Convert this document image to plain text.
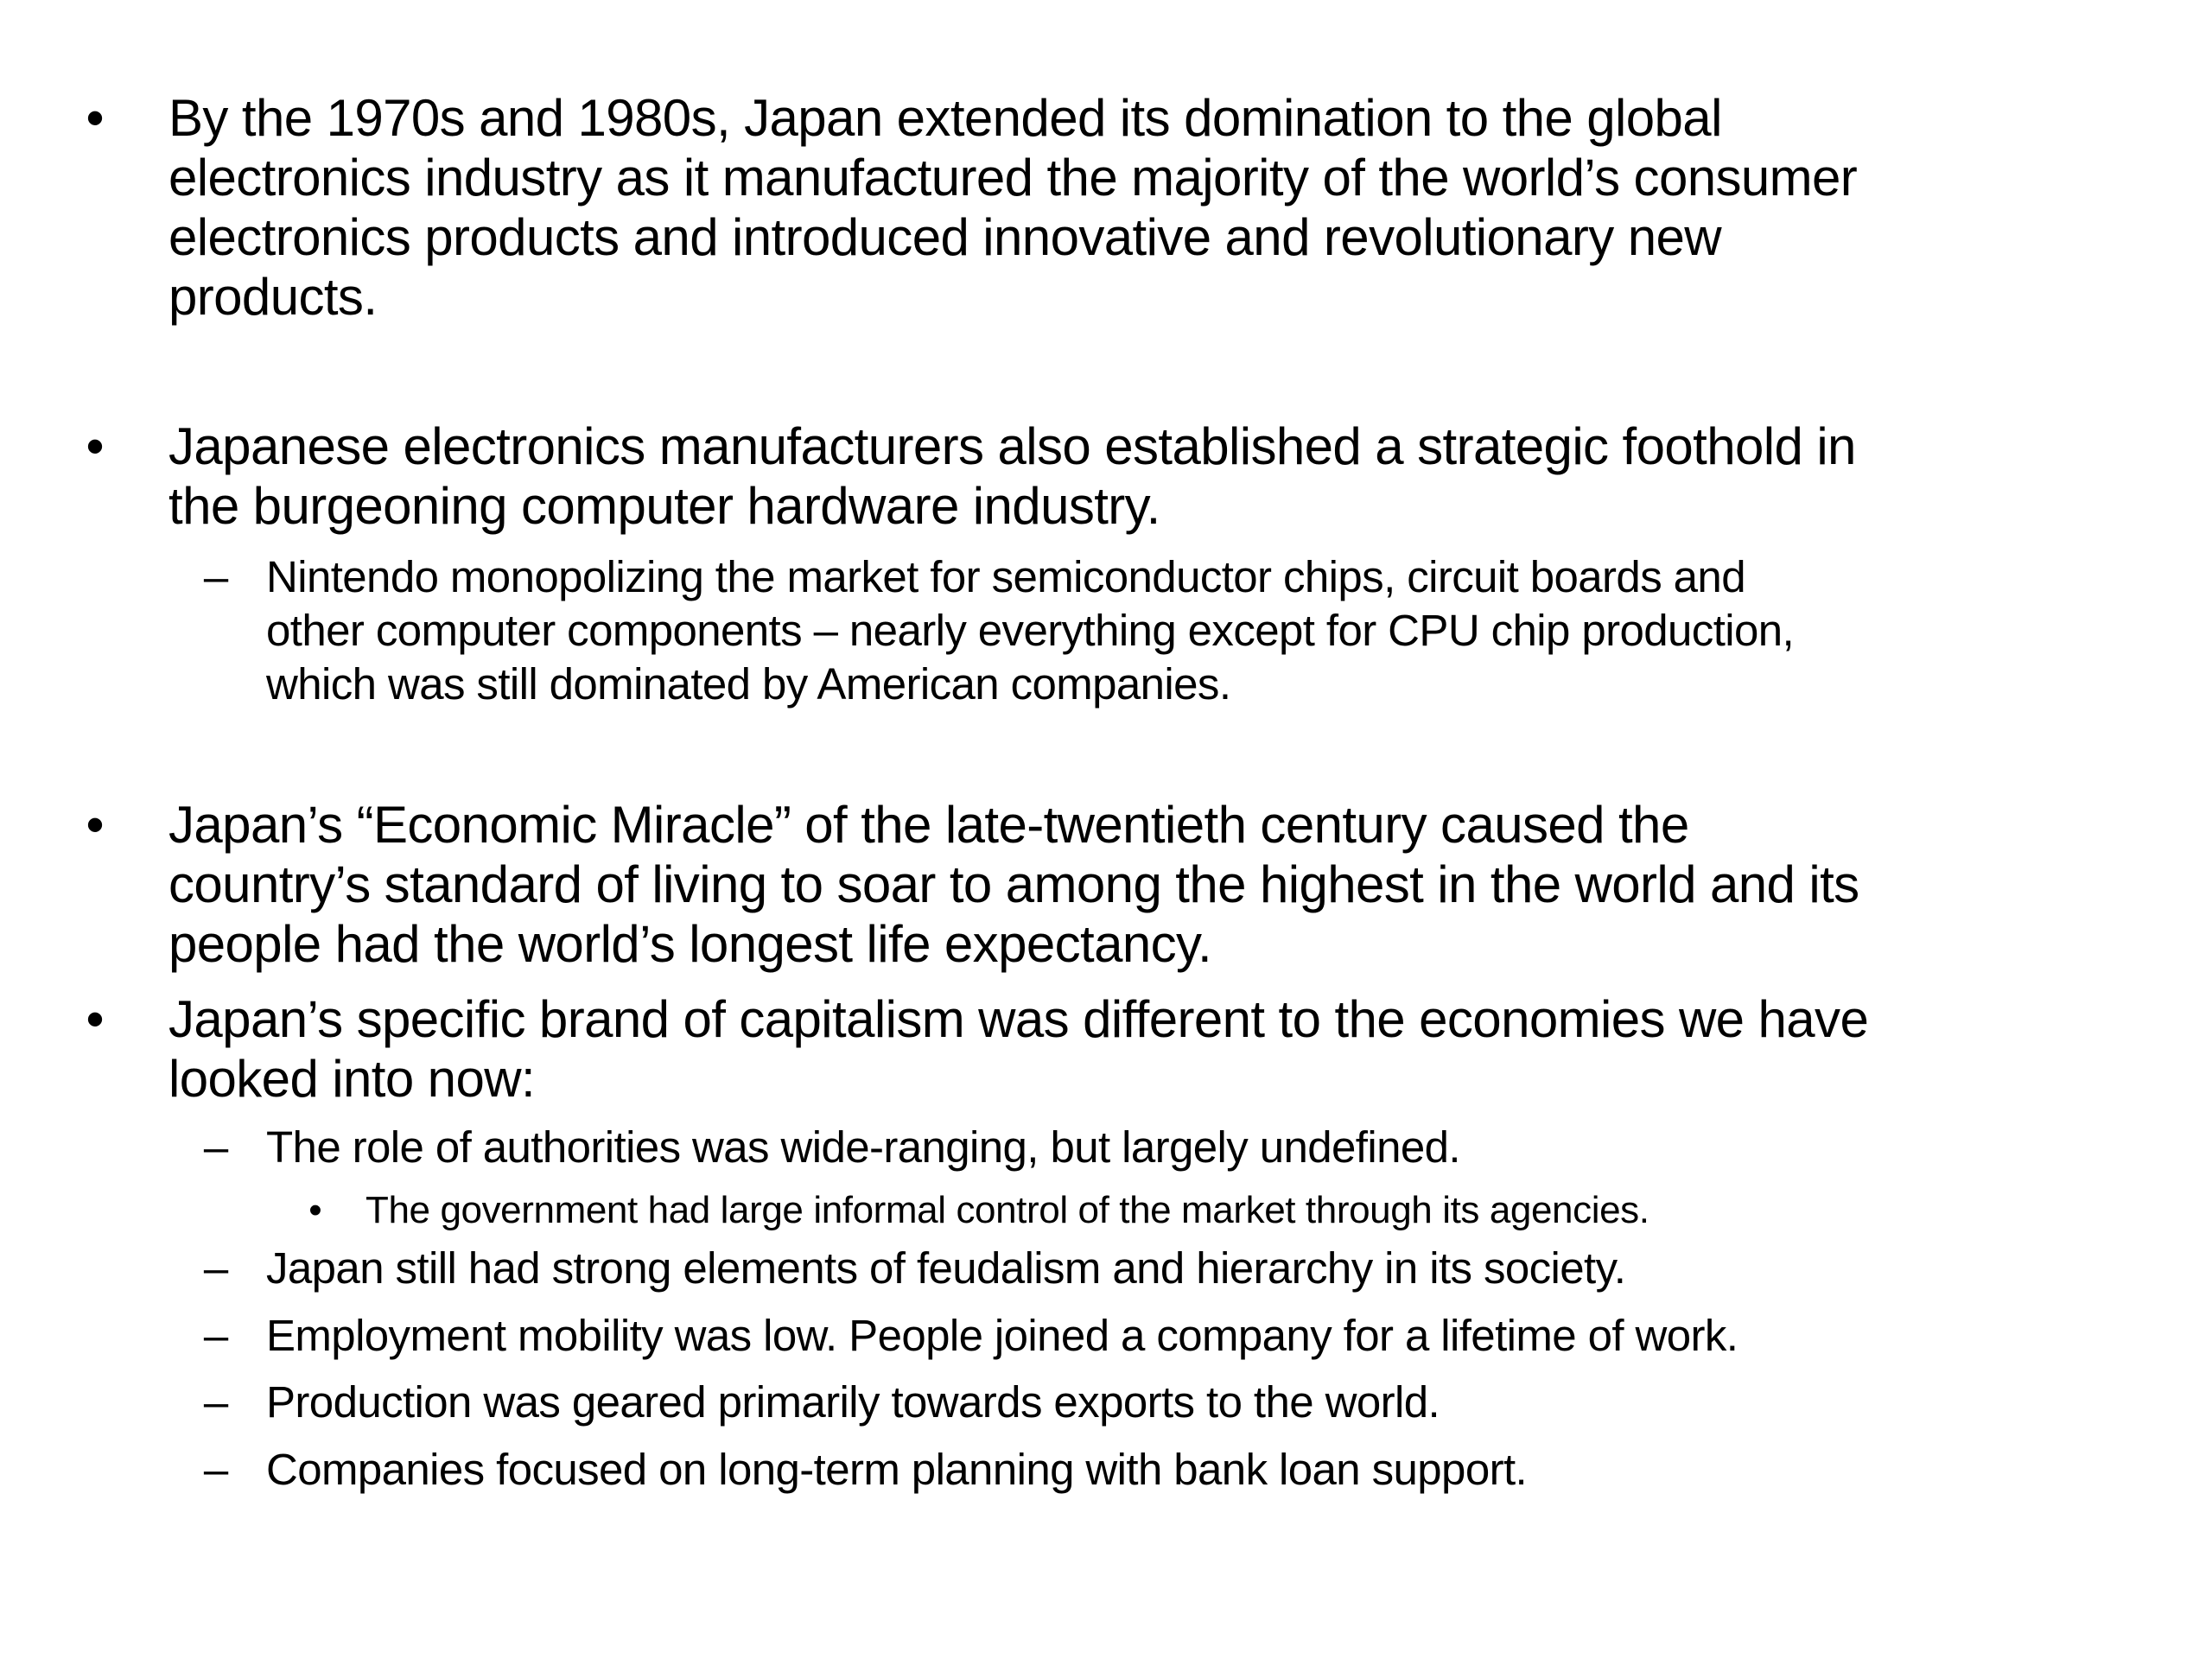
•	By the 1970s and 1980s, Japan extended its domination to the global
electronics industry as it manufactured the majority of the world’s consumer
electronics products and introduced innovative and revolutionary new
products.
•	Japanese electronics manufacturers also established a strategic foothold in
the burgeoning computer hardware industry.
– Nintendo monopolizing the market for semiconductor chips, circuit boards and
other computer components – nearly everything except for CPU chip production,
which was still dominated by American companies.
•	Japan’s “Economic Miracle” of the late-twentieth century caused the
country’s standard of living to soar to among the highest in the world and its
people had the world’s longest life expectancy.
•	Japan’s specific brand of capitalism was different to the economies we have
looked into now:
– The role of authorities was wide-ranging, but largely undefined.
• The government had large informal control of the market through its agencies.
– Japan still had strong elements of feudalism and hierarchy in its society.
– Employment mobility was low. People joined a company for a lifetime of work.
– Production was geared primarily towards exports to the world.
– Companies focused on long-term planning with bank loan support.
